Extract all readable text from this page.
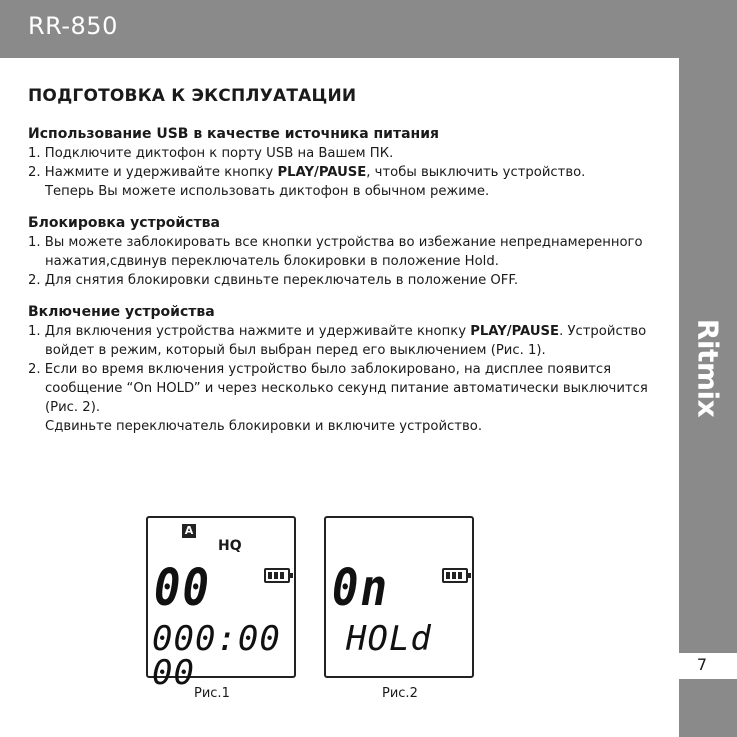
RR-850
Ritmix
7
ПОДГОТОВКА К ЭКСПЛУАТАЦИИ
Использование USB в качестве источника питания
1. Подключите диктофон к порту USB на Вашем ПК.
2. Нажмите и удерживайте кнопку PLAY/PAUSE, чтобы выключить устройство.
Теперь Вы можете использовать диктофон в обычном режиме.
Блокировка устройства
1. Вы можете заблокировать все кнопки устройства во избежание непреднамеренного нажатия,сдвинув переключатель блокировки в положение Hold.
2. Для снятия блокировки сдвиньте переключатель в положение OFF.
Включение устройства
1. Для включения устройства нажмите и удерживайте кнопку PLAY/PAUSE. Устройство войдет в режим, который был выбран перед его выключением (Рис. 1).
2. Если во время включения устройство было заблокировано, на дисплее появится сообщение “On HOLD” и через несколько секунд питание автоматически выключится (Рис. 2).
Сдвиньте переключатель блокировки и включите устройство.
A
HQ
00
000:00 00
Рис.1
0n
HOLd
Рис.2
